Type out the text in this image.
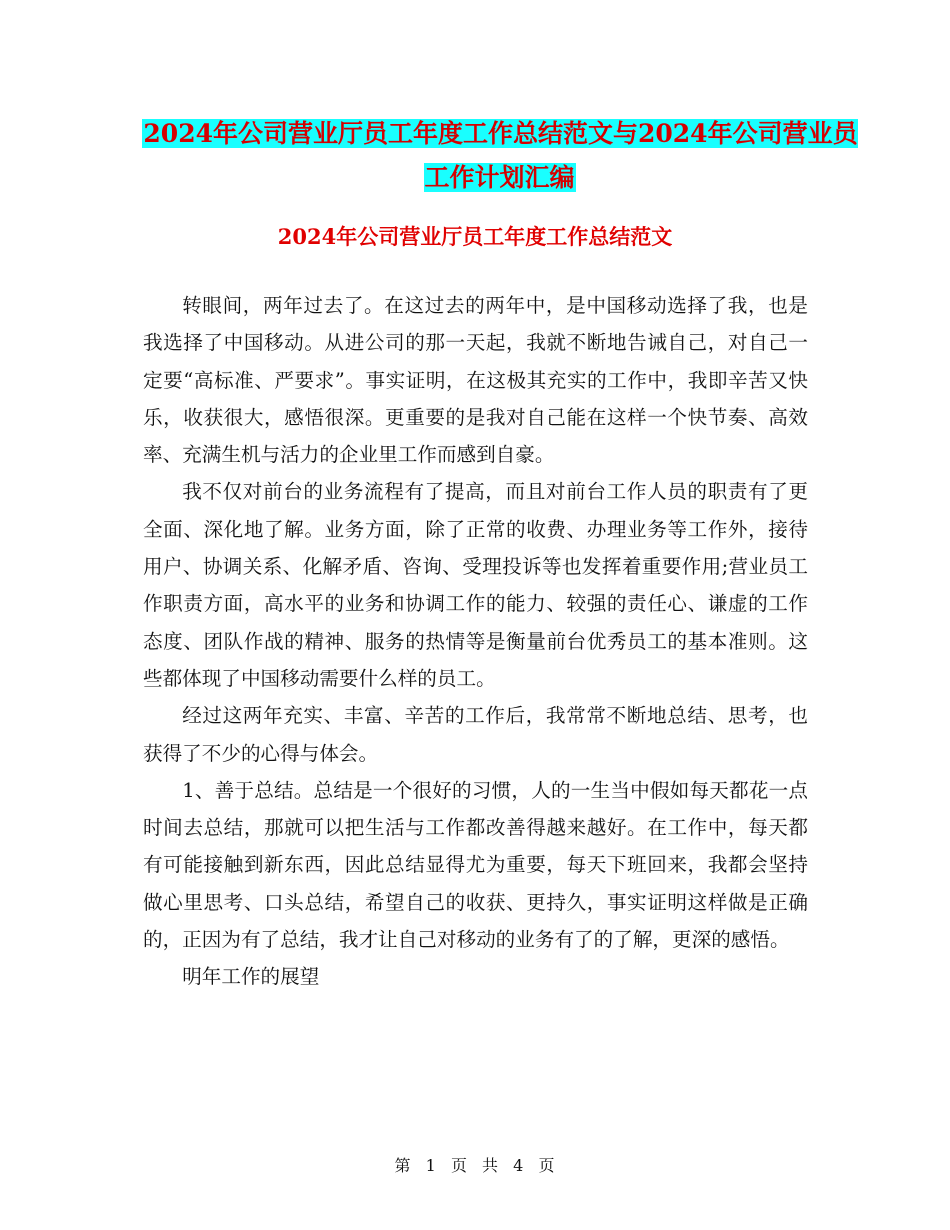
2024年公司营业厅员工年度工作总结范文与2024年公司营业员工作计划汇编
2024年公司营业厅员工年度工作总结范文

转眼间，两年过去了。在这过去的两年中，是中国移动选择了我，也是我选择了中国移动。从进公司的那一天起，我就不断地告诫自己，对自己一定要“高标准、严要求”。事实证明，在这极其充实的工作中，我即辛苦又快乐，收获很大，感悟很深。更重要的是我对自己能在这样一个快节奏、高效率、充满生机与活力的企业里工作而感到自豪。

我不仅对前台的业务流程有了提高，而且对前台工作人员的职责有了更全面、深化地了解。业务方面，除了正常的收费、办理业务等工作外，接待用户、协调关系、化解矛盾、咨询、受理投诉等也发挥着重要作用;营业员工作职责方面，高水平的业务和协调工作的能力、较强的责任心、谦虚的工作态度、团队作战的精神、服务的热情等是衡量前台优秀员工的基本准则。这些都体现了中国移动需要什么样的员工。

经过这两年充实、丰富、辛苦的工作后，我常常不断地总结、思考，也获得了不少的心得与体会。

1、善于总结。总结是一个很好的习惯，人的一生当中假如每天都花一点时间去总结，那就可以把生活与工作都改善得越来越好。在工作中，每天都有可能接触到新东西，因此总结显得尤为重要，每天下班回来，我都会坚持做心里思考、口头总结，希望自己的收获、更持久，事实证明这样做是正确的，正因为有了总结，我才让自己对移动的业务有了的了解，更深的感悟。

明年工作的展望

第 1 页 共 4 页
